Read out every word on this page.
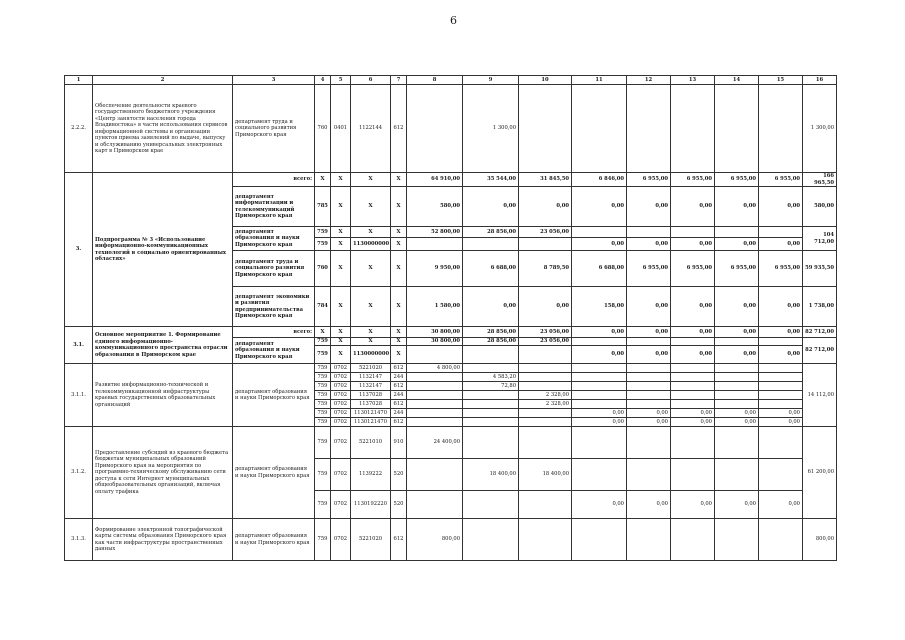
6
1	2	3	4	5	6	7	8	9	10	11	12	13	14	15	16
2.2.2.	Обеспечение деятельности краевого государственного бюджетного учреждения «Центр занятости населения города Владивостока» в части использования сервисов информационной системы и организации пунктов приема заявлений по выдаче, выпуску и обслуживанию универсальных электронных карт в Приморском крае	департамент труда и социального развития Приморского края	760	0401	1122144	612		1 300,00							1 300,00
3.	Подпрограмма № 3 «Использование информационно-коммуникационных технологий в социально ориентированных областях»	всего:	X	X	X	X	64 910,00	35 544,00	31 845,50	6 846,00	6 955,00	6 955,00	6 955,00	6 955,00	166 965,50
		департамент информатизации и телекоммуникаций Приморского края	785	X	X	X	580,00	0,00	0,00	0,00	0,00	0,00	0,00	0,00	580,00
		департамент образования и науки Приморского края	759	X	X	X	52 800,00	28 856,00	23 056,00						104 712,00
			759	X	1130000000	X				0,00	0,00	0,00	0,00	0,00	
		департамент труда и социального развития Приморского края	760	X	X	X	9 950,00	6 688,00	8 789,50	6 688,00	6 955,00	6 955,00	6 955,00	6 955,00	59 935,50
		департамент экономики и развития предпринимательства Приморского края	784	X	X	X	1 580,00	0,00	0,00	158,00	0,00	0,00	0,00	0,00	1 738,00
3.1.	Основное мероприятие 1. Формирование единого информационно-коммуникационного пространства отрасли образования в Приморском крае	всего:	X	X	X	X	30 800,00	28 856,00	23 056,00	0,00	0,00	0,00	0,00	0,00	82 712,00
		департамент образования и науки Приморского края	759	X	X	X	30 800,00	28 856,00	23 056,00						82 712,00
			759	X	1130000000	X				0,00	0,00	0,00	0,00	0,00	
3.1.1.	Развитие информационно-технической и телекоммуникационной инфраструктуры краевых государственных образовательных организаций	департамент образования и науки Приморского края	759	0702	5221020	612	4 800,00								14 112,00
			759	0702	1132147	244		4 583,20							
			759	0702	1132147	612		72,80							
			759	0702	1137028	244			2 328,00						
			759	0702	1137028	612			2 328,00						
			759	0702	1130121470	244				0,00	0,00	0,00	0,00	0,00	
			759	0702	1130121470	612				0,00	0,00	0,00	0,00	0,00	
3.1.2.	Предоставление субсидий из краевого бюджета бюджетам муниципальных образований Приморского края на мероприятия по программно-техническому обслуживанию сети доступа к сети Интернет муниципальных общеобразовательных организаций, включая оплату трафика	департамент образования и науки Приморского края	759	0702	5221010	910	24 400,00								61 200,00
			759	0702	1139222	520		18 400,00	18 400,00						
			759	0702	1130192220	520				0,00	0,00	0,00	0,00	0,00	
3.1.3.	Формирование электронной топографической карты системы образования Приморского края как части инфраструктуры пространственных данных	департамент образования и науки Приморского края	759	0702	5221020	612	800,00								800,00
